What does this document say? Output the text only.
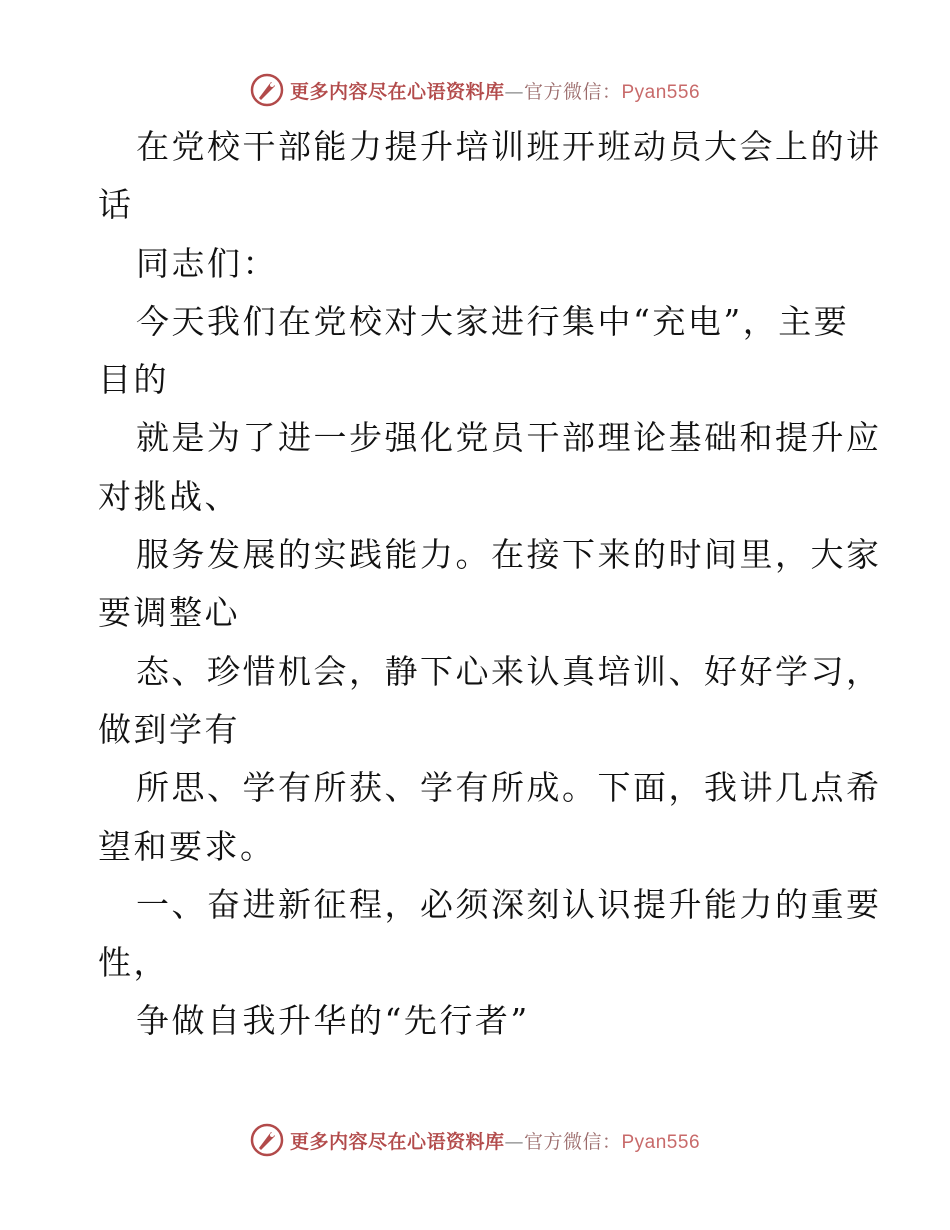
更多内容尽在心语资料库—官方微信：Pyan556
在党校干部能力提升培训班开班动员大会上的讲
话
同志们：
今天我们在党校对大家进行集中“充电”，主要
目的
就是为了进一步强化党员干部理论基础和提升应
对挑战、
服务发展的实践能力。在接下来的时间里，大家
要调整心
态、珍惜机会，静下心来认真培训、好好学习，
做到学有
所思、学有所获、学有所成。下面，我讲几点希
望和要求。
一、奋进新征程，必须深刻认识提升能力的重要
性，
争做自我升华的“先行者”
更多内容尽在心语资料库—官方微信：Pyan556
